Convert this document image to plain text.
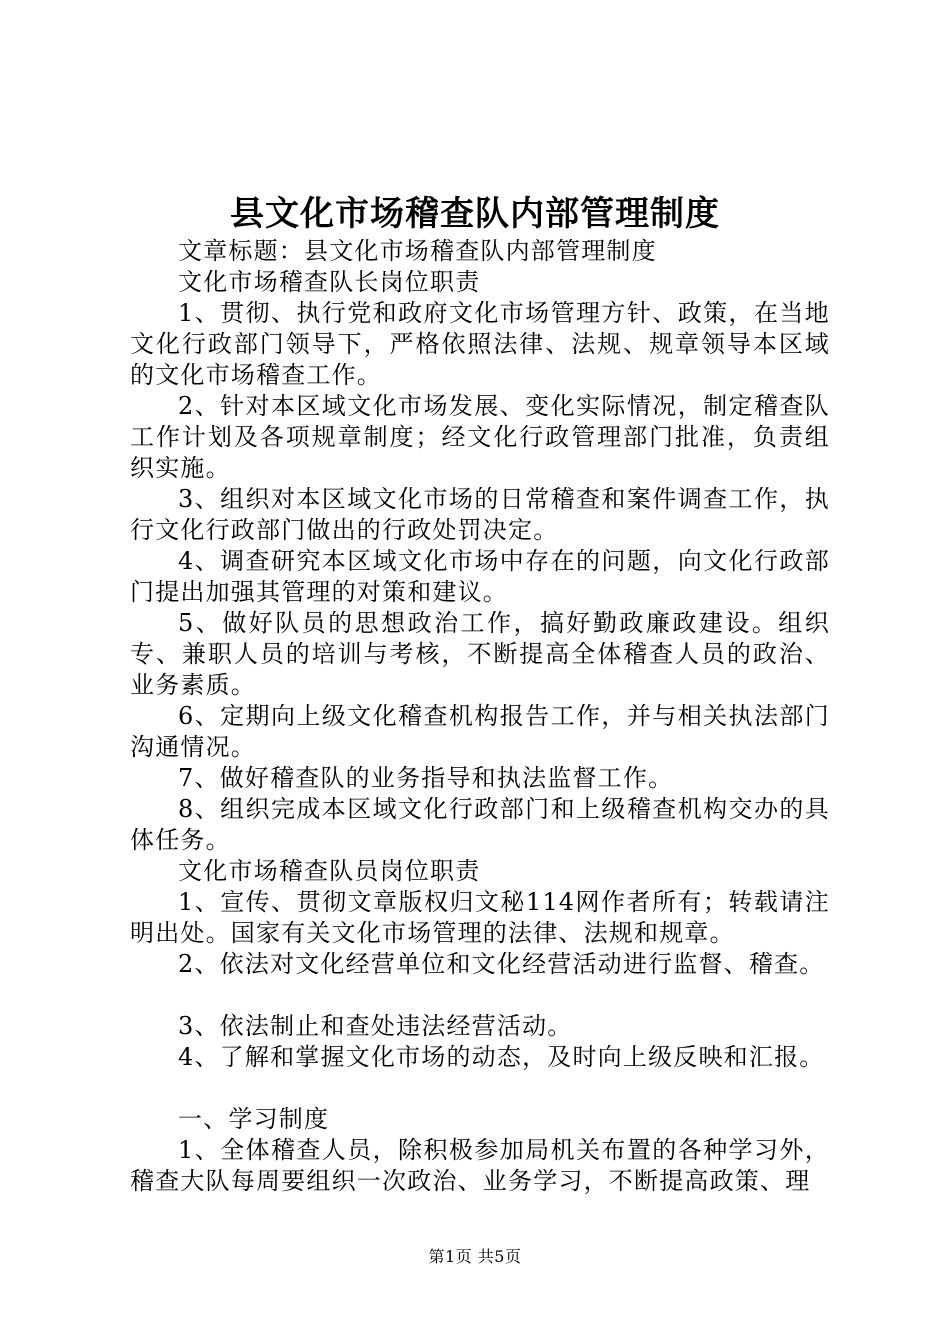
县文化市场稽查队内部管理制度

文章标题：县文化市场稽查队内部管理制度

文化市场稽查队长岗位职责

1、贯彻、执行党和政府文化市场管理方针、政策，在当地文化行政部门领导下，严格依照法律、法规、规章领导本区域的文化市场稽查工作。

2、针对本区域文化市场发展、变化实际情况，制定稽查队工作计划及各项规章制度；经文化行政管理部门批准，负责组织实施。

3、组织对本区域文化市场的日常稽查和案件调查工作，执行文化行政部门做出的行政处罚决定。

4、调查研究本区域文化市场中存在的问题，向文化行政部门提出加强其管理的对策和建议。

5、做好队员的思想政治工作，搞好勤政廉政建设。组织专、兼职人员的培训与考核，不断提高全体稽查人员的政治、业务素质。

6、定期向上级文化稽查机构报告工作，并与相关执法部门沟通情况。

7、做好稽查队的业务指导和执法监督工作。

8、组织完成本区域文化行政部门和上级稽查机构交办的具体任务。

文化市场稽查队员岗位职责

1、宣传、贯彻文章版权归文秘114网作者所有；转载请注明出处。国家有关文化市场管理的法律、法规和规章。

2、依法对文化经营单位和文化经营活动进行监督、稽查。

3、依法制止和查处违法经营活动。

4、了解和掌握文化市场的动态，及时向上级反映和汇报。

一、学习制度

1、全体稽查人员，除积极参加局机关布置的各种学习外，稽查大队每周要组织一次政治、业务学习，不断提高政策、理

第1页 共5页
